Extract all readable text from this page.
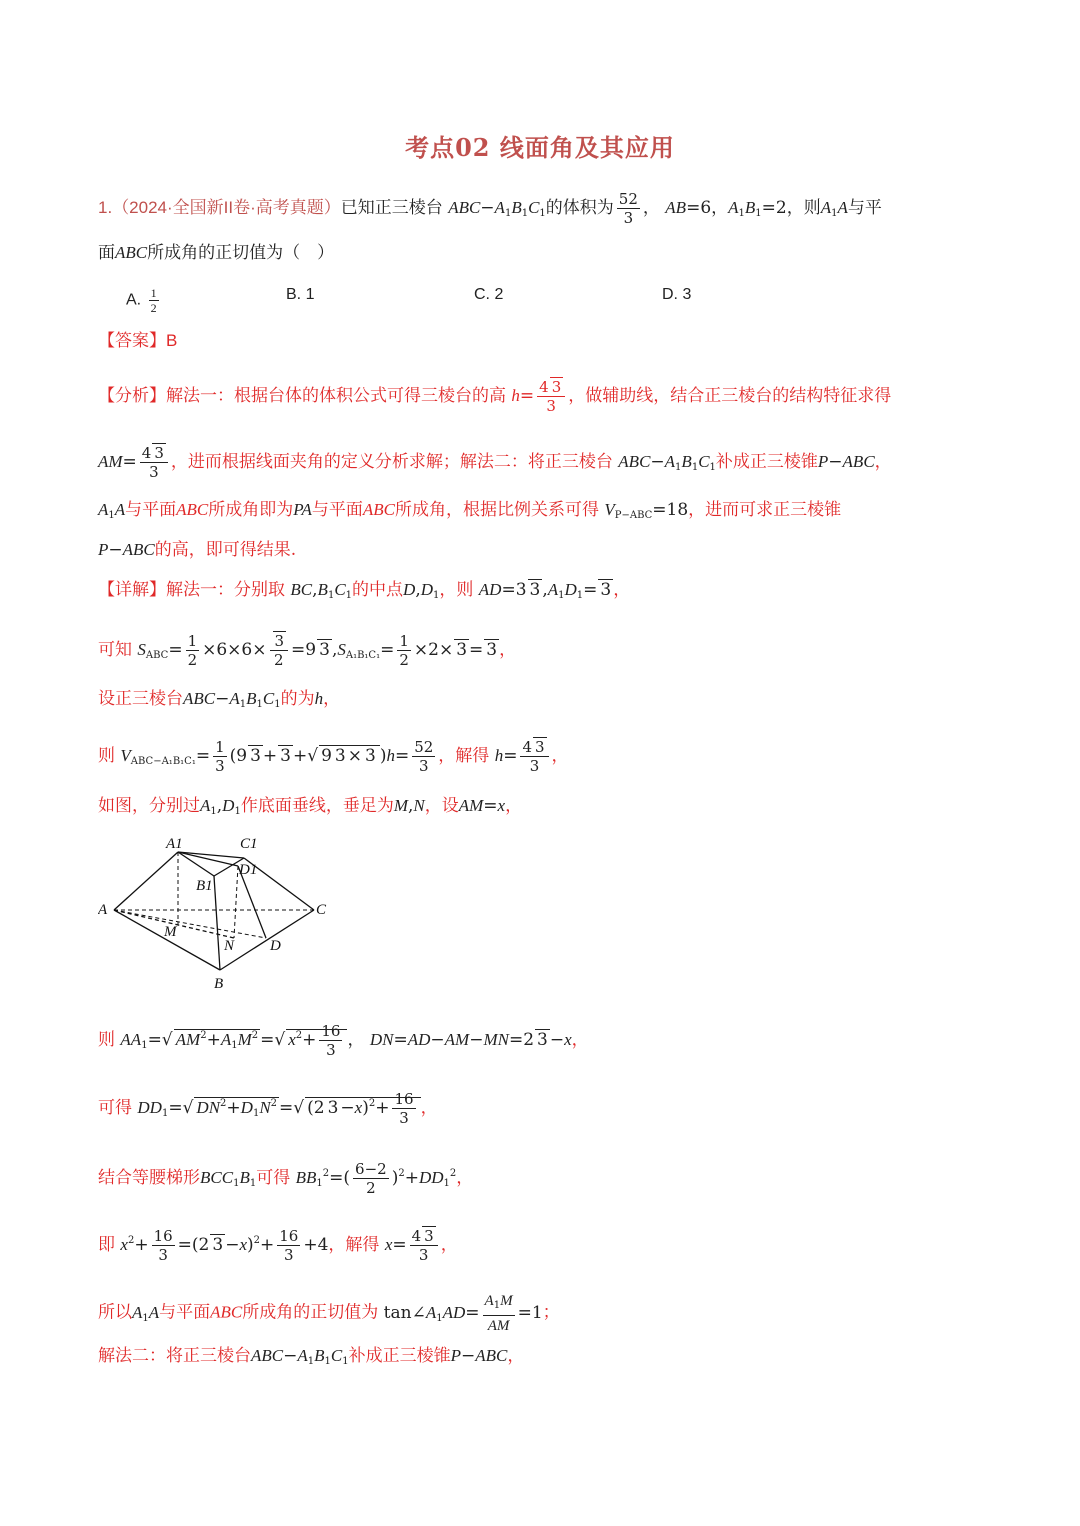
考点02 线面角及其应用
1.（2024·全国新II卷·高考真题）已知正三棱台 $ABC-A_1B_1C_1$的体积为 $\frac{52}{3}$ ， AB=6，$A_1B_1=2$，则$A_1A$与平
面ABC所成角的正切值为（　）
A. $\frac{1}{2}$	B. 1	C. 2	D. 3
【答案】B
【分析】解法一：根据台体的体积公式可得三棱台的高 $h= \frac{4 3}{3}$ ，做辅助线，结合正三棱台的结构特征求得
$AM= \frac{4 3}{3}$ ，进而根据线面夹角的定义分析求解；解法二：将正三棱台 $ABC-A_1B_1C_1$补成正三棱锥P−ABC，
$A_1A$与平面ABC所成角即为PA与平面ABC所成角，根据比例关系可得 $V_{P-ABC}=18$，进而可求正三棱锥
P−ABC的高，即可得结果.
【详解】解法一：分别取 $BC,B_1C_1$的中点$D,D_1$，则 AD=3 3 $,A_1D_1= 3$ ，
可知 $S_{ABC}= \frac{1}{2} \times 6\times 6\times \frac{3}{2} =9$ 3 $,S_{A_1B_1C_1}= \frac{1}{2} \times 2\times 3 = 3$ ，
设正三棱台$ABC-A_1B_1C_1$的为h，
则 $V_{ABC-A_1B_1C_1}= \frac{1}{3} (9$ 3 + 3 +√ 9 3 × 3 )$h= \frac{52}{3}$ ，解得 $h= \frac{4 3}{3}$ ，
如图，分别过$A_1,D_1$作底面垂线，垂足为M,N，设AM=x，
A1	C1
B1
D1
A	C
M
N D
B
则 $AA_1=√$ $AM^2+A_1M^2$ =√ $x^2+ \frac{16}{3}$ ， DN=AD−AM−MN=2 3 −x，
可得 $DD_1=√$ $DN^2+D_1N^2$ =√ (2 $3 -x)^2+ \frac{16}{3}$ ，
结合等腰梯形$BCC_1B_1$可得 $BB_1^2=( \frac{6-2}{2} )^2+DD_1^2$，
即 $x^2+ \frac{16}{3} =(2$ $3 -x)^2+ \frac{16}{3} +4$，解得 $x= \frac{4 3}{3}$ ，
所以$A_1A$与平面ABC所成角的正切值为 $\tan\angle A_1AD= \frac{A_1M}{AM} =1$；
解法二：将正三棱台$ABC-A_1B_1C_1$补成正三棱锥P−ABC，
